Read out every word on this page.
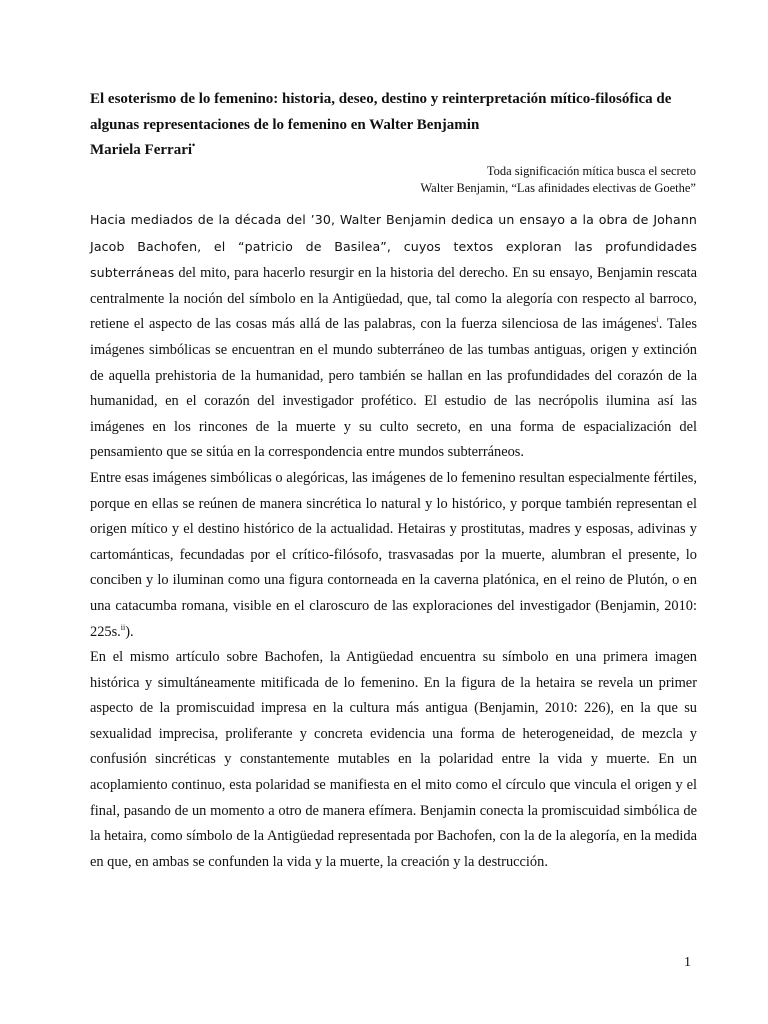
El esoterismo de lo femenino: historia, deseo, destino y reinterpretación mítico-filosófica de algunas representaciones de lo femenino en Walter Benjamin
Mariela Ferrari•
Toda significación mítica busca el secreto
Walter Benjamin, “Las afinidades electivas de Goethe”

Hacia mediados de la década del ’30, Walter Benjamin dedica un ensayo a la obra de Johann Jacob Bachofen, el “patricio de Basilea”, cuyos textos exploran las profundidades subterráneas del mito, para hacerlo resurgir en la historia del derecho. En su ensayo, Benjamin rescata centralmente la noción del símbolo en la Antigüedad, que, tal como la alegoría con respecto al barroco, retiene el aspecto de las cosas más allá de las palabras, con la fuerza silenciosa de las imágenes$^i$. Tales imágenes simbólicas se encuentran en el mundo subterráneo de las tumbas antiguas, origen y extinción de aquella prehistoria de la humanidad, pero también se hallan en las profundidades del corazón de la humanidad, en el corazón del investigador profético. El estudio de las necrópolis ilumina así las imágenes en los rincones de la muerte y su culto secreto, en una forma de espacialización del pensamiento que se sitúa en la correspondencia entre mundos subterráneos.

Entre esas imágenes simbólicas o alegóricas, las imágenes de lo femenino resultan especialmente fértiles, porque en ellas se reúnen de manera sincrética lo natural y lo histórico, y porque también representan el origen mítico y el destino histórico de la actualidad. Hetairas y prostitutas, madres y esposas, adivinas y cartománticas, fecundadas por el crítico-filósofo, trasvasadas por la muerte, alumbran el presente, lo conciben y lo iluminan como una figura contorneada en la caverna platónica, en el reino de Plutón, o en una catacumba romana, visible en el claroscuro de las exploraciones del investigador (Benjamin, 2010: 225s.$^{ii}$).

En el mismo artículo sobre Bachofen, la Antigüedad encuentra su símbolo en una primera imagen histórica y simultáneamente mitificada de lo femenino. En la figura de la hetaira se revela un primer aspecto de la promiscuidad impresa en la cultura más antigua (Benjamin, 2010: 226), en la que su sexualidad imprecisa, proliferante y concreta evidencia una forma de heterogeneidad, de mezcla y confusión sincréticas y constantemente mutables en la polaridad entre la vida y muerte. En un acoplamiento continuo, esta polaridad se manifiesta en el mito como el círculo que vincula el origen y el final, pasando de un momento a otro de manera efímera. Benjamin conecta la promiscuidad simbólica de la hetaira, como símbolo de la Antigüedad representada por Bachofen, con la de la alegoría, en la medida en que, en ambas se confunden la vida y la muerte, la creación y la destrucción.

1
